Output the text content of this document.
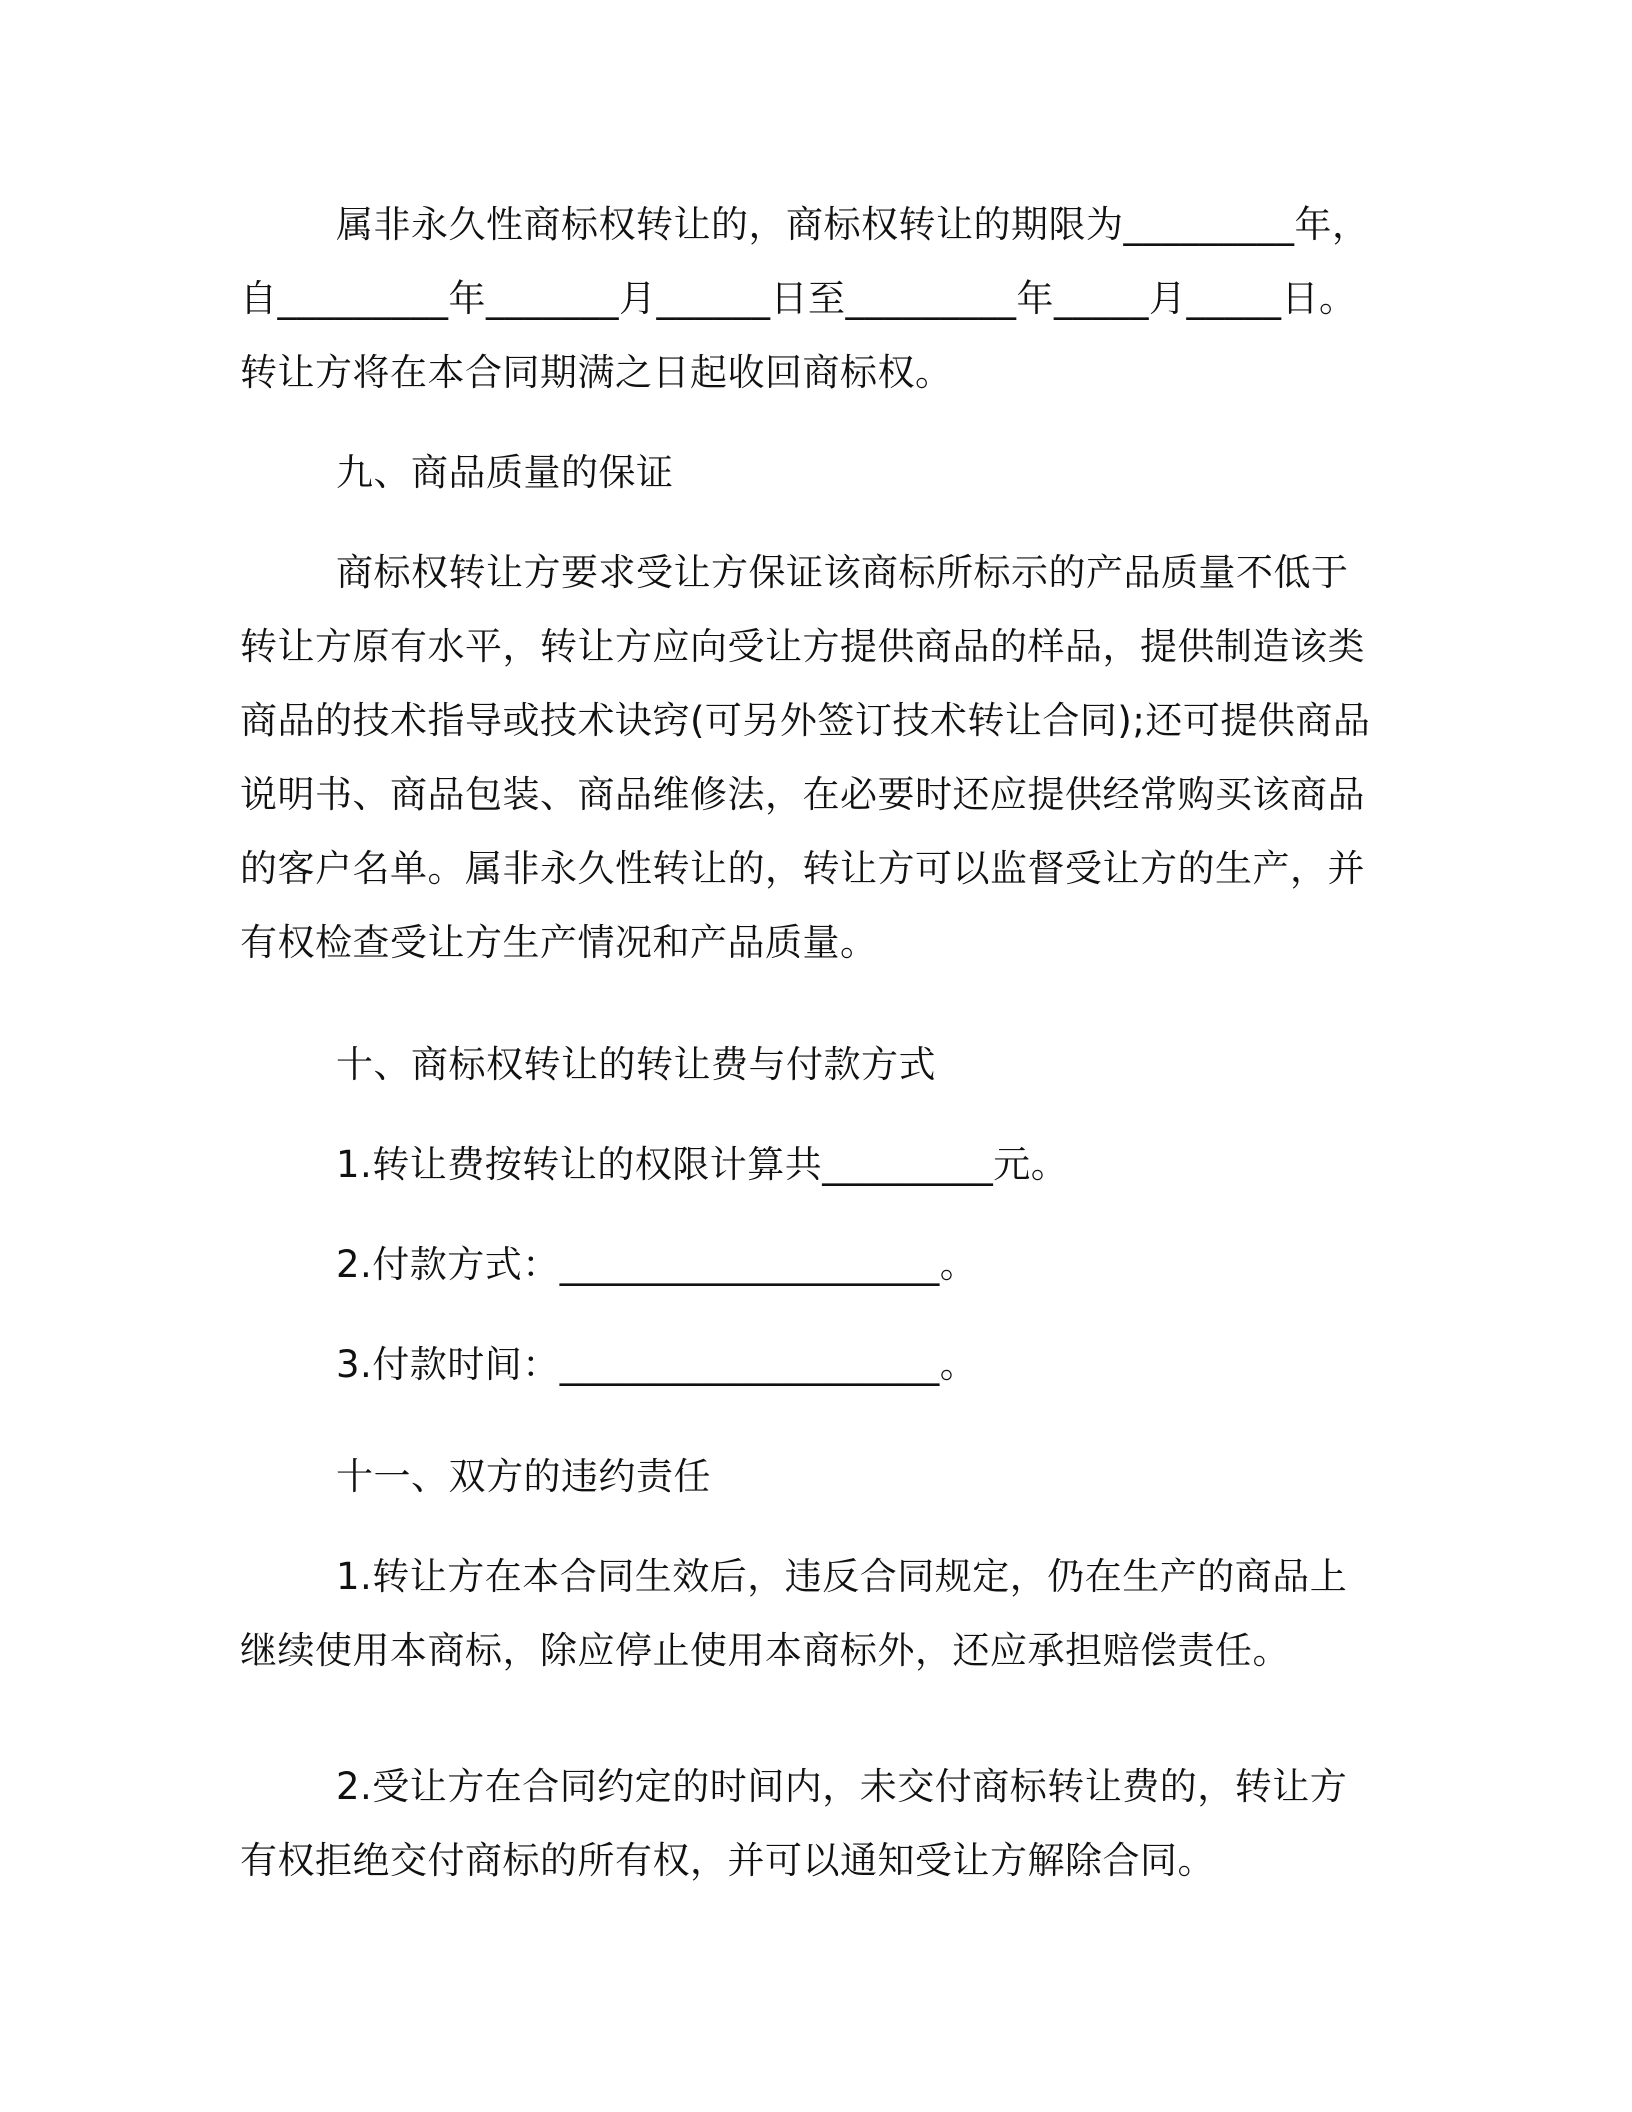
属非永久性商标权转让的，商标权转让的期限为_________年，自_________年_______月______日至_________年_____月_____日。转让方将在本合同期满之日起收回商标权。

九、商品质量的保证

商标权转让方要求受让方保证该商标所标示的产品质量不低于转让方原有水平，转让方应向受让方提供商品的样品，提供制造该类商品的技术指导或技术诀窍(可另外签订技术转让合同);还可提供商品说明书、商品包装、商品维修法，在必要时还应提供经常购买该商品的客户名单。属非永久性转让的，转让方可以监督受让方的生产，并有权检查受让方生产情况和产品质量。

十、商标权转让的转让费与付款方式

1.转让费按转让的权限计算共_________元。

2.付款方式：____________________。

3.付款时间：____________________。

十一、双方的违约责任

1.转让方在本合同生效后，违反合同规定，仍在生产的商品上继续使用本商标，除应停止使用本商标外，还应承担赔偿责任。

2.受让方在合同约定的时间内，未交付商标转让费的，转让方有权拒绝交付商标的所有权，并可以通知受让方解除合同。
